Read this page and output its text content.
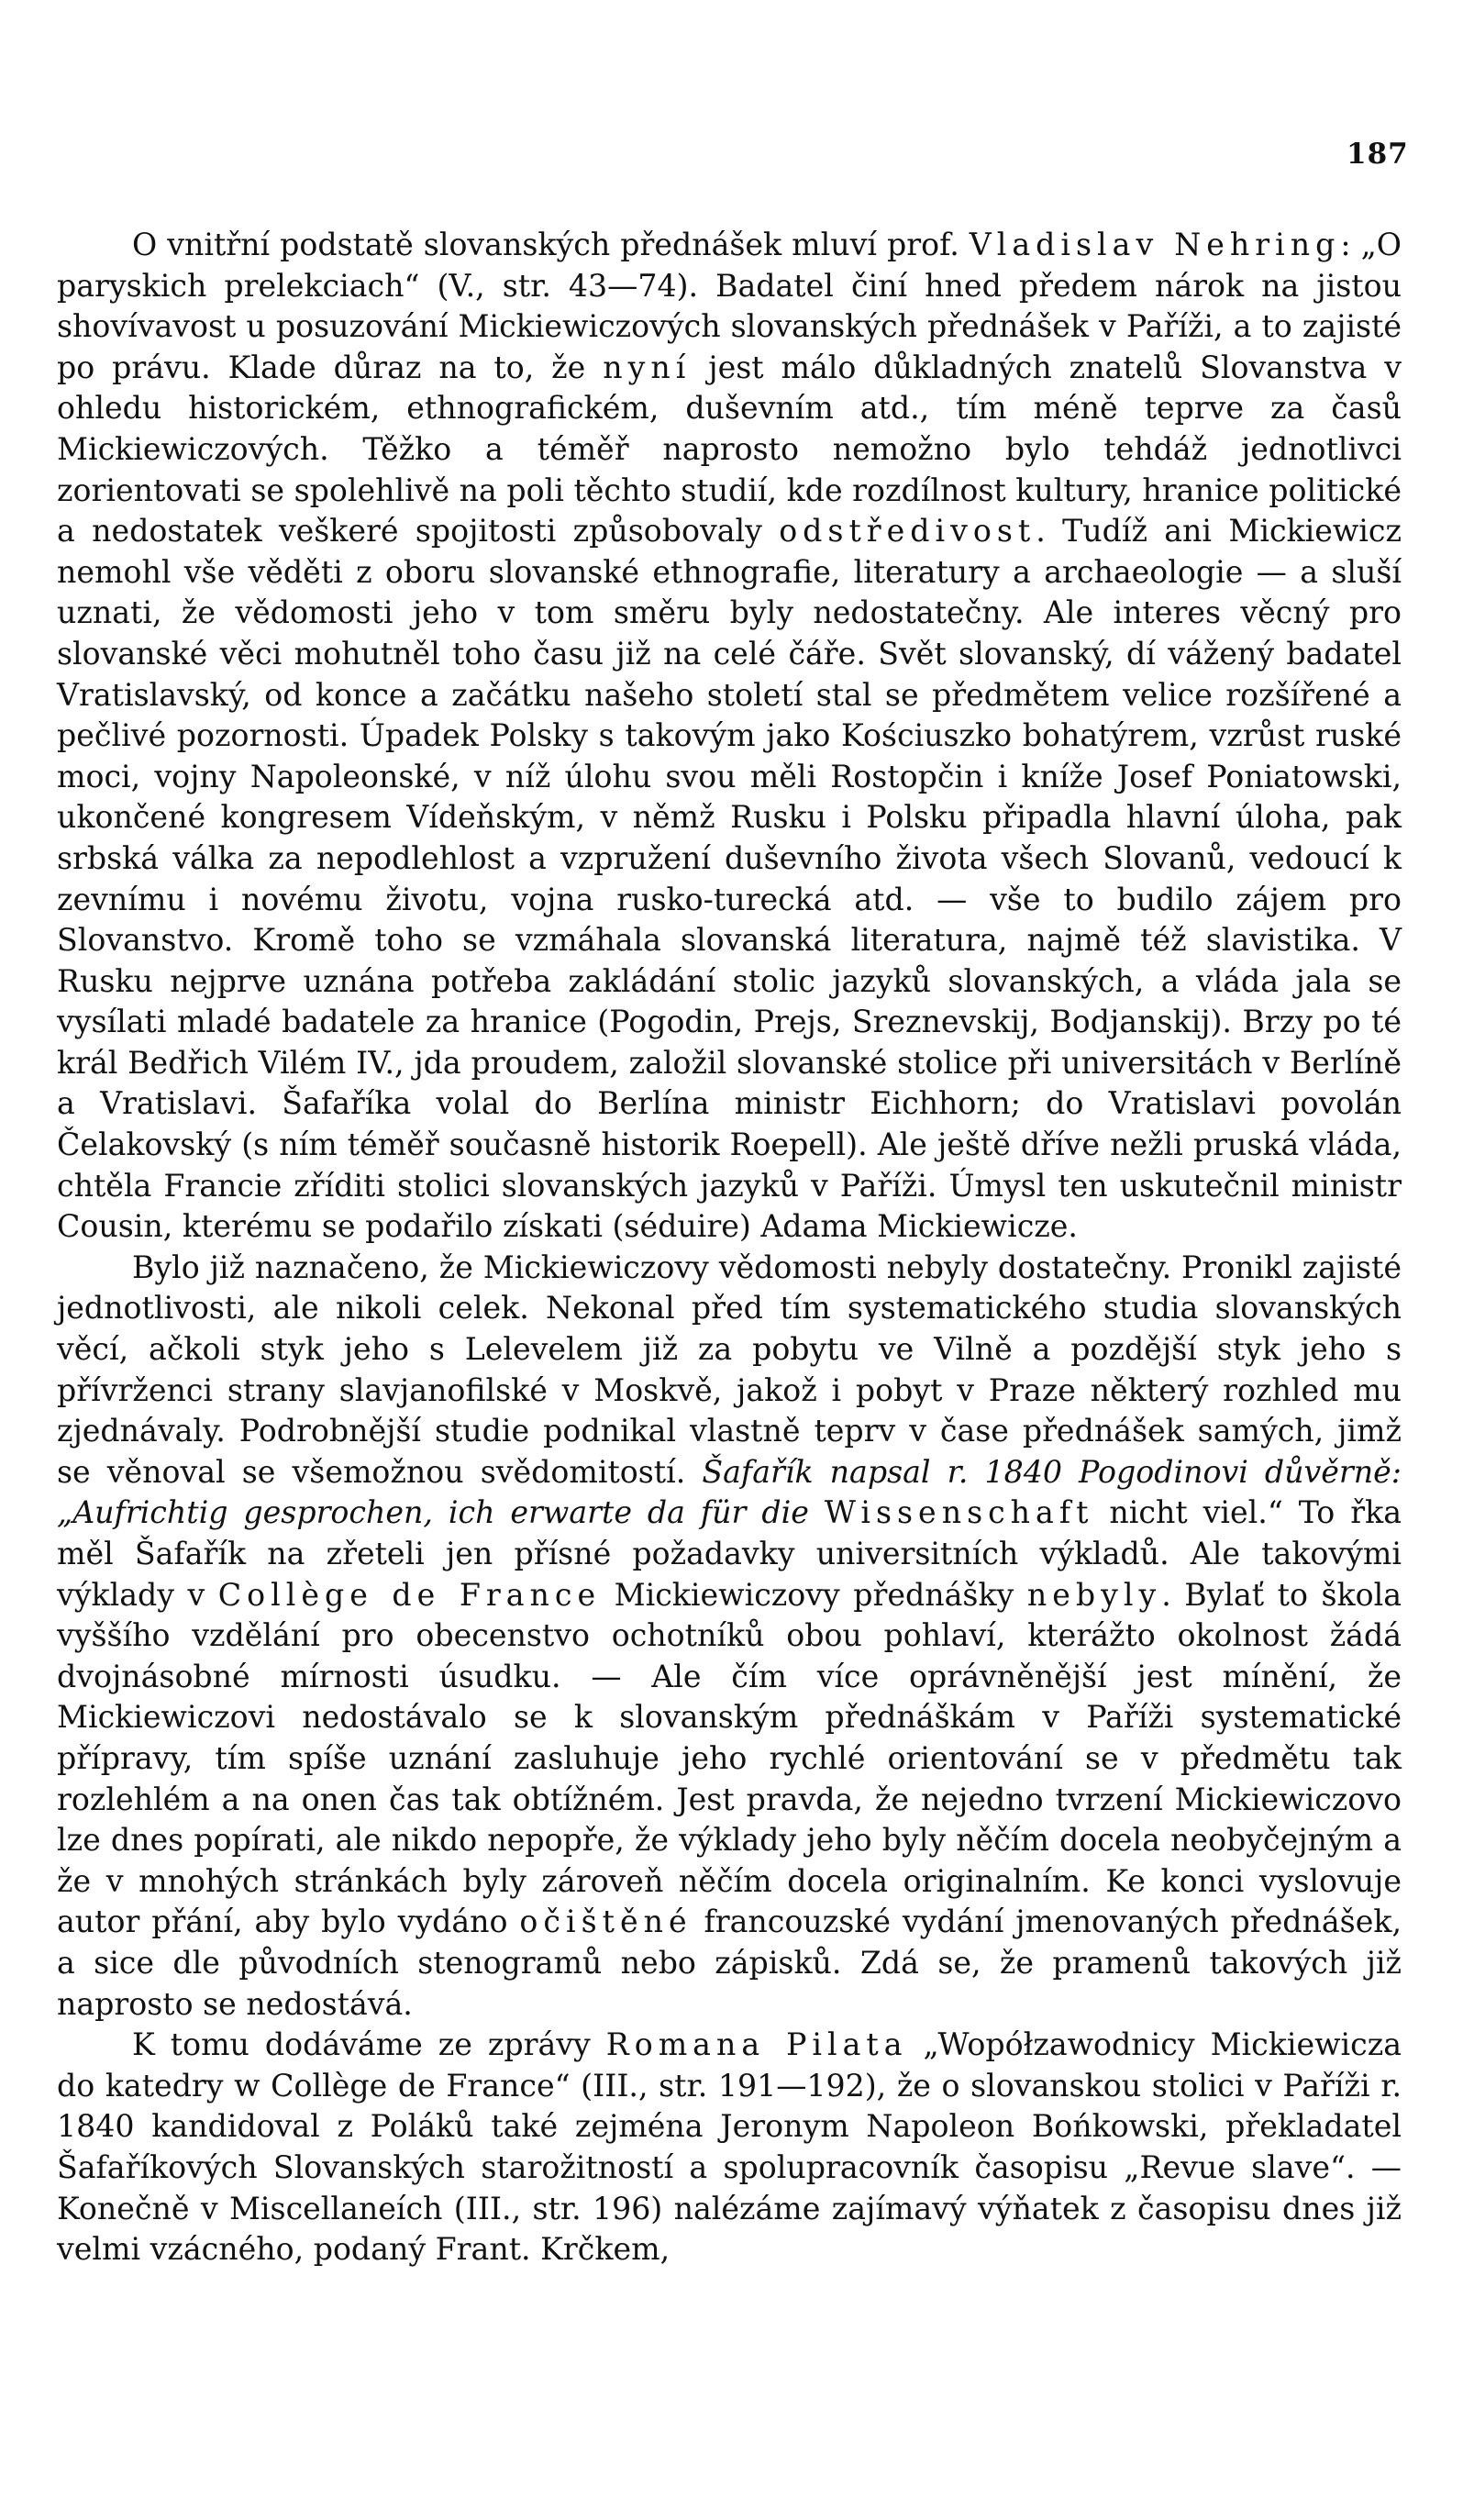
187

O vnitřní podstatě slovanských přednášek mluví prof. Vladislav Nehring: „O paryskich prelekciach“ (V., str. 43—74). Badatel činí hned předem nárok na jistou shovívavost u posuzování Mickiewiczových slovanských přednášek v Paříži, a to zajisté po právu. Klade důraz na to, že nyní jest málo důkladných znatelů Slovanstva v ohledu historickém, ethnografickém, duševním atd., tím méně teprve za časů Mickiewiczových. Těžko a téměř naprosto nemožno bylo tehdáž jednotlivci zorientovati se spolehlivě na poli těchto studií, kde rozdílnost kultury, hranice politické a nedostatek veškeré spojitosti způsobovaly odstředivost. Tudíž ani Mickiewicz nemohl vše věděti z oboru slovanské ethnografie, literatury a archaeologie — a sluší uznati, že vědomosti jeho v tom směru byly nedostatečny. Ale interes věcný pro slovanské věci mohutněl toho času již na celé čáře. Svět slovanský, dí vážený badatel Vratislavský, od konce a začátku našeho století stal se předmětem velice rozšířené a pečlivé pozornosti. Úpadek Polsky s takovým jako Kościuszko bohatýrem, vzrůst ruské moci, vojny Napoleonské, v níž úlohu svou měli Rostopčin i kníže Josef Poniatowski, ukončené kongresem Vídeňským, v němž Rusku i Polsku připadla hlavní úloha, pak srbská válka za nepodlehlost a vzpružení duševního života všech Slovanů, vedoucí k zevnímu i novému životu, vojna rusko-turecká atd. — vše to budilo zájem pro Slovanstvo. Kromě toho se vzmáhala slovanská literatura, najmě též slavistika. V Rusku nejprve uznána potřeba zakládání stolic jazyků slovanských, a vláda jala se vysílati mladé badatele za hranice (Pogodin, Prejs, Sreznevskij, Bodjanskij). Brzy po té král Bedřich Vilém IV., jda proudem, založil slovanské stolice při universitách v Berlíně a Vratislavi. Šafaříka volal do Berlína ministr Eichhorn; do Vratislavi povolán Čelakovský (s ním téměř současně historik Roepell). Ale ještě dříve nežli pruská vláda, chtěla Francie zříditi stolici slovanských jazyků v Paříži. Úmysl ten uskutečnil ministr Cousin, kterému se podařilo získati (séduire) Adama Mickiewicze.

Bylo již naznačeno, že Mickiewiczovy vědomosti nebyly dostatečny. Pronikl zajisté jednotlivosti, ale nikoli celek. Nekonal před tím systematického studia slovanských věcí, ačkoli styk jeho s Lelevelem již za pobytu ve Vilně a pozdější styk jeho s přívrženci strany slavjanofilské v Moskvě, jakož i pobyt v Praze některý rozhled mu zjednávaly. Podrobnější studie podnikal vlastně teprv v čase přednášek samých, jimž se věnoval se všemožnou svědomitostí. Šafařík napsal r. 1840 Pogodinovi důvěrně: „Aufrichtig gesprochen, ich erwarte da für die Wissenschaft nicht viel.“ To řka měl Šafařík na zřeteli jen přísné požadavky universitních výkladů. Ale takovými výklady v Collège de France Mickiewiczovy přednášky nebyly. Bylať to škola vyššího vzdělání pro obecenstvo ochotníků obou pohlaví, kterážto okolnost žádá dvojnásobné mírnosti úsudku. — Ale čím více oprávněnější jest mínění, že Mickiewiczovi nedostávalo se k slovanským přednáškám v Paříži systematické přípravy, tím spíše uznání zasluhuje jeho rychlé orientování se v předmětu tak rozlehlém a na onen čas tak obtížném. Jest pravda, že nejedno tvrzení Mickiewiczovo lze dnes popírati, ale nikdo nepopře, že výklady jeho byly něčím docela neobyčejným a že v mnohých stránkách byly zároveň něčím docela originalním. Ke konci vyslovuje autor přání, aby bylo vydáno očištěné francouzské vydání jmenovaných přednášek, a sice dle původních stenogramů nebo zápisků. Zdá se, že pramenů takových již naprosto se nedostává.

K tomu dodáváme ze zprávy Romana Pilata „Wopółzawodnicy Mickiewicza do katedry w Collège de France“ (III., str. 191—192), že o slovanskou stolici v Paříži r. 1840 kandidoval z Poláků také zejména Jeronym Napoleon Bońkowski, překladatel Šafaříkových Slovanských starožitností a spolupracovník časopisu „Revue slave“. — Konečně v Miscellaneích (III., str. 196) nalézáme zajímavý výňatek z časopisu dnes již velmi vzácného, podaný Frant. Krčkem,
